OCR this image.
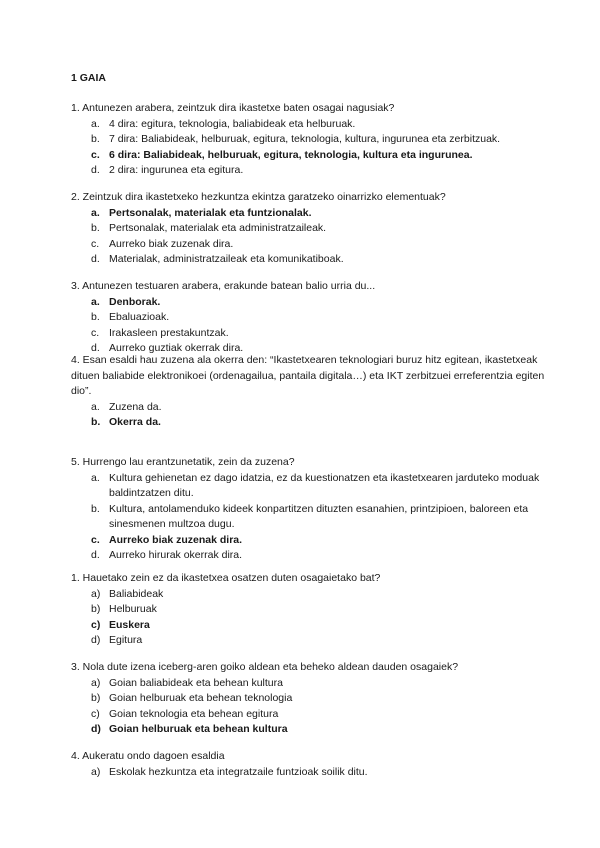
1 GAIA

1. Antunezen arabera, zeintzuk dira ikastetxe baten osagai nagusiak?

a. 4 dira: egitura, teknologia, baliabideak eta helburuak.
b. 7 dira: Baliabideak, helburuak, egitura, teknologia, kultura, ingurunea eta zerbitzuak.
c. 6 dira: Baliabideak, helburuak, egitura, teknologia, kultura eta ingurunea.
d. 2 dira: ingurunea eta egitura.

2. Zeintzuk dira ikastetxeko hezkuntza ekintza garatzeko oinarrizko elementuak?

a. Pertsonalak, materialak eta funtzionalak.
b. Pertsonalak, materialak eta administratzaileak.
c. Aurreko biak zuzenak dira.
d. Materialak, administratzaileak eta komunikatiboak.

3. Antunezen testuaren arabera, erakunde batean balio urria du...

a. Denborak.
b. Ebaluazioak.
c. Irakasleen prestakuntzak.
d. Aurreko guztiak okerrak dira.

4. Esan esaldi hau zuzena ala okerra den: “Ikastetxearen teknologiari buruz hitz egitean, ikastetxeak dituen baliabide elektronikoei (ordenagailua, pantaila digitala…) eta IKT zerbitzuei erreferentzia egiten dio”.

a. Zuzena da.
b. Okerra da.

5. Hurrengo lau erantzunetatik, zein da zuzena?

a. Kultura gehienetan ez dago idatzia, ez da kuestionatzen eta ikastetxearen jarduteko moduak baldintzatzen ditu.
b. Kultura, antolamenduko kideek konpartitzen dituzten esanahien, printzipioen, baloreen eta sinesmenen multzoa dugu.
c. Aurreko biak zuzenak dira.
d. Aurreko hirurak okerrak dira.

1. Hauetako zein ez da ikastetxea osatzen duten osagaietako bat?

a) Baliabideak
b) Helburuak
c) Euskera
d) Egitura

3. Nola dute izena iceberg-aren goiko aldean eta beheko aldean dauden osagaiek?

a) Goian baliabideak eta behean kultura
b) Goian helburuak eta behean teknologia
c) Goian teknologia eta behean egitura
d) Goian helburuak eta behean kultura

4. Aukeratu ondo dagoen esaldia

a) Eskolak hezkuntza eta integratzaile funtzioak soilik ditu.
